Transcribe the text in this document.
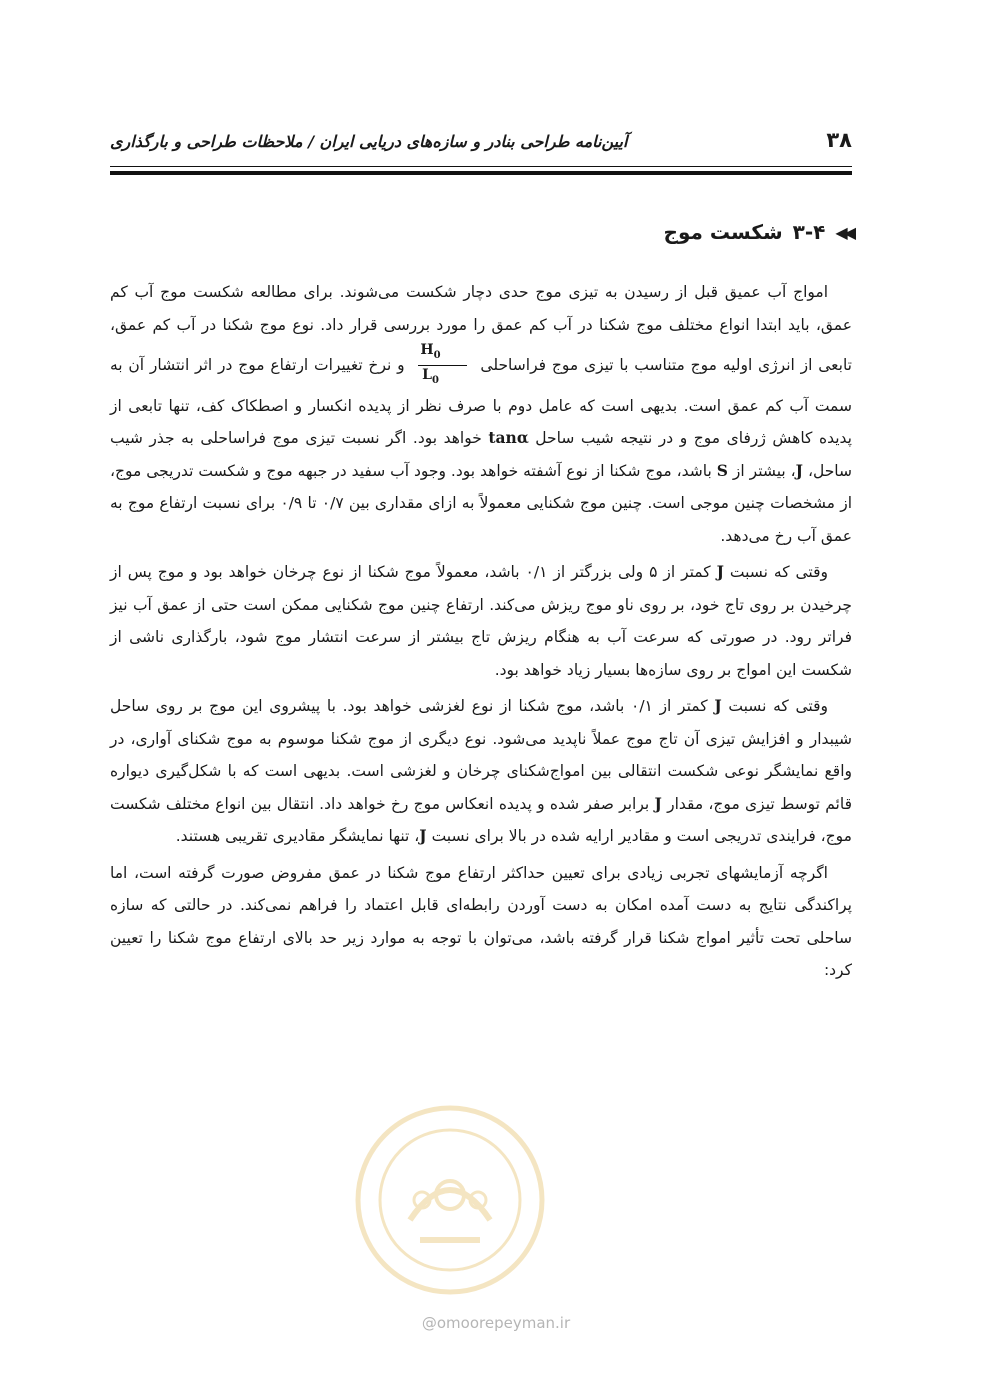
۳۸
آیین‌نامه طراحی بنادر و سازه‌های دریایی ایران / ملاحظات طراحی و بارگذاری
◀◀
۳-۴
شکست موج

امواج آب عمیق قبل از رسیدن به تیزی موج حدی دچار شکست می‌شوند. برای مطالعه شکست موج آب کم عمق، باید ابتدا انواع مختلف موج شکنا در آب کم عمق را مورد بررسی قرار داد. نوع موج شکنا در آب کم عمق، تابعی از انرژی اولیه موج متناسب با تیزی موج فراساحلی
$\frac{H_0}{L_0}$
و نرخ تغییرات ارتفاع موج در اثر انتشار آن به سمت آب کم عمق است. بدیهی است که عامل دوم با صرف نظر از پدیده انکسار و اصطکاک کف، تنها تابعی از پدیده کاهش ژرفای موج و در نتیجه شیب ساحل tanα خواهد بود. اگر نسبت تیزی موج فراساحلی به جذر شیب ساحل، J، بیشتر از S باشد، موج شکنا از نوع آشفته خواهد بود. وجود آب سفید در جبهه موج و شکست تدریجی موج، از مشخصات چنین موجی است. چنین موج شکنایی معمولاً به ازای مقداری بین ۰/۷ تا ۰/۹ برای نسبت ارتفاع موج به عمق آب رخ می‌دهد.

وقتی که نسبت J کمتر از ۵ ولی بزرگتر از ۰/۱ باشد، معمولاً موج شکنا از نوع چرخان خواهد بود و موج پس از چرخیدن بر روی تاج خود، بر روی ناو موج ریزش می‌کند. ارتفاع چنین موج شکنایی ممکن است حتی از عمق آب نیز فراتر رود. در صورتی که سرعت آب به هنگام ریزش تاج بیشتر از سرعت انتشار موج شود، بارگذاری ناشی از شکست این امواج بر روی سازه‌ها بسیار زیاد خواهد بود.

وقتی که نسبت J کمتر از ۰/۱ باشد، موج شکنا از نوع لغزشی خواهد بود. با پیشروی این موج بر روی ساحل شیبدار و افزایش تیزی آن تاج موج عملاً ناپدید می‌شود. نوع دیگری از موج شکنا موسوم به موج شکنای آواری، در واقع نمایشگر نوعی شکست انتقالی بین امواج‌شکنای چرخان و لغزشی است. بدیهی است که با شکل‌گیری دیواره قائم توسط تیزی موج، مقدار J برابر صفر شده و پدیده انعکاس موج رخ خواهد داد. انتقال بین انواع مختلف شکست موج، فرایندی تدریجی است و مقادیر ارایه شده در بالا برای نسبت J، تنها نمایشگر مقادیری تقریبی هستند.

اگرچه آزمایشهای تجربی زیادی برای تعیین حداکثر ارتفاع موج شکنا در عمق مفروض صورت گرفته است، اما پراکندگی نتایج به دست آمده امکان به دست آوردن رابطه‌ای قابل اعتماد را فراهم نمی‌کند. در حالتی که سازه ساحلی تحت تأثیر امواج شکنا قرار گرفته باشد، می‌توان با توجه به موارد زیر حد بالای ارتفاع موج شکنا را تعیین کرد:

@omoorepeyman.ir
